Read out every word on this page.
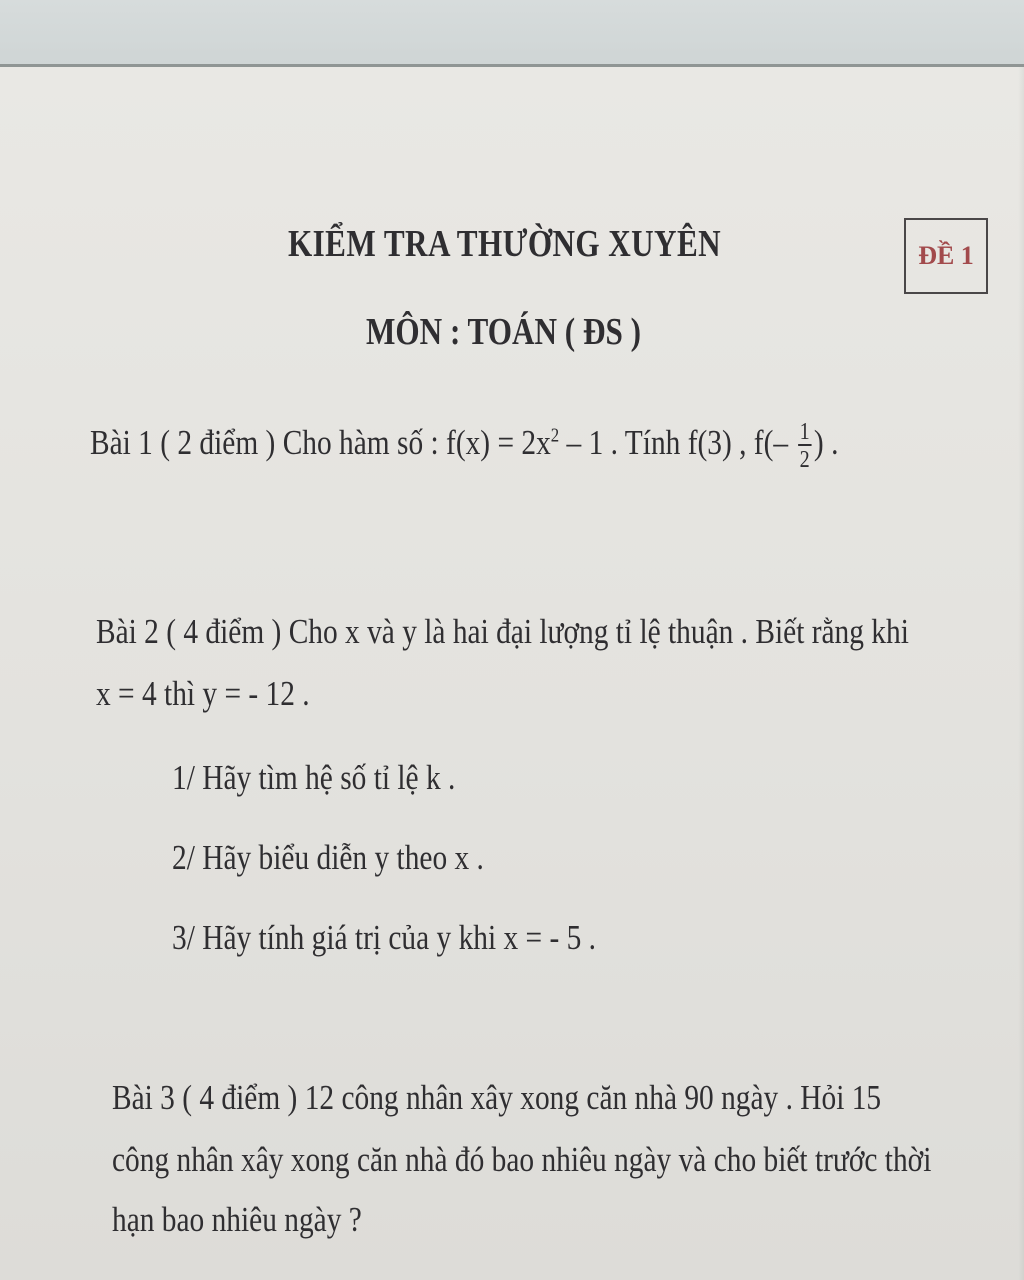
KIỂM TRA THƯỜNG XUYÊN	ĐỀ 1
MÔN : TOÁN ( ĐS )
Bài 1 ( 2 điểm ) Cho hàm số : $f(x) = 2x^2 - 1$ . Tính f(3) , $f(- \frac{1}{2}$ ) .
Bài 2 ( 4 điểm ) Cho x và y là hai đại lượng tỉ lệ thuận . Biết rằng khi
x = 4 thì y = - 12 .
1/ Hãy tìm hệ số tỉ lệ k .
2/ Hãy biểu diễn y theo x .
3/ Hãy tính giá trị của y khi x = - 5 .
Bài 3 ( 4 điểm ) 12 công nhân xây xong căn nhà 90 ngày . Hỏi 15
công nhân xây xong căn nhà đó bao nhiêu ngày và cho biết trước thời
hạn bao nhiêu ngày ?
